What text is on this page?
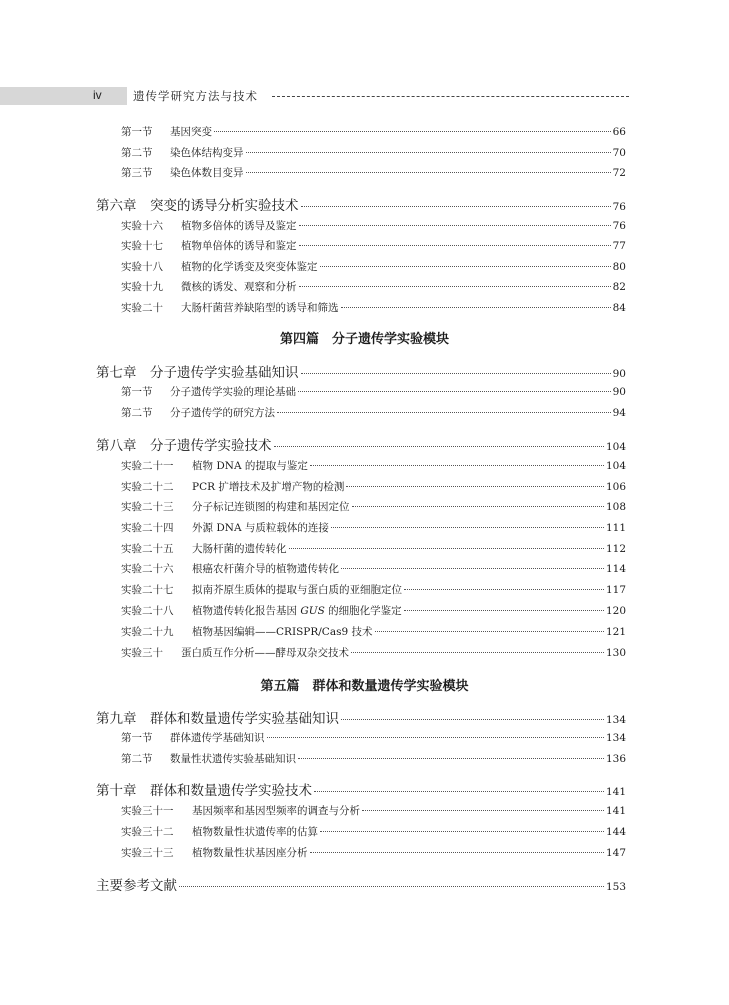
iv	遗传学研究方法与技术
第一节	基因突变	66
第二节	染色体结构变异	70
第三节	染色体数目变异	72
第六章	突变的诱导分析实验技术	76
实验十六	植物多倍体的诱导及鉴定	76
实验十七	植物单倍体的诱导和鉴定	77
实验十八	植物的化学诱变及突变体鉴定	80
实验十九	微核的诱发、观察和分析	82
实验二十	大肠杆菌营养缺陷型的诱导和筛选	84
第四篇　分子遗传学实验模块
第七章	分子遗传学实验基础知识	90
第一节	分子遗传学实验的理论基础	90
第二节	分子遗传学的研究方法	94
第八章	分子遗传学实验技术	104
实验二十一	植物 DNA 的提取与鉴定	104
实验二十二	PCR 扩增技术及扩增产物的检测	106
实验二十三	分子标记连锁图的构建和基因定位	108
实验二十四	外源 DNA 与质粒载体的连接	111
实验二十五	大肠杆菌的遗传转化	112
实验二十六	根癌农杆菌介导的植物遗传转化	114
实验二十七	拟南芥原生质体的提取与蛋白质的亚细胞定位	117
实验二十八	植物遗传转化报告基因 GUS 的细胞化学鉴定	120
实验二十九	植物基因编辑——CRISPR/Cas9 技术	121
实验三十	蛋白质互作分析——酵母双杂交技术	130
第五篇　群体和数量遗传学实验模块
第九章	群体和数量遗传学实验基础知识	134
第一节	群体遗传学基础知识	134
第二节	数量性状遗传实验基础知识	136
第十章	群体和数量遗传学实验技术	141
实验三十一	基因频率和基因型频率的调查与分析	141
实验三十二	植物数量性状遗传率的估算	144
实验三十三	植物数量性状基因座分析	147
主要参考文献	153
